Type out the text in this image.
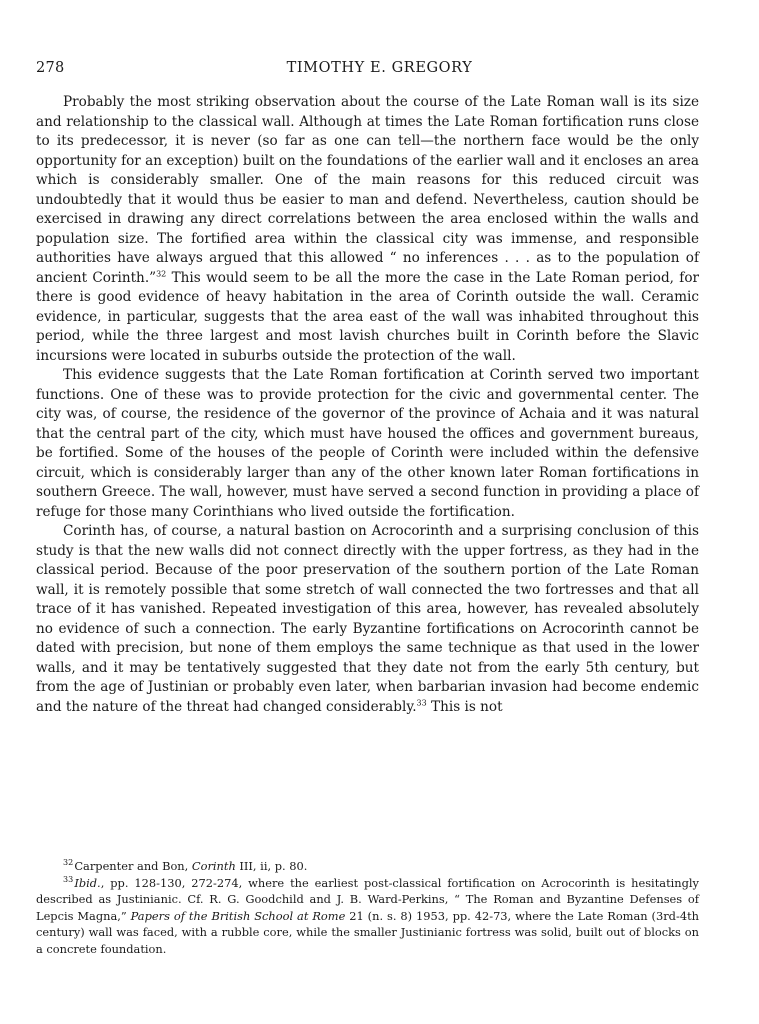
278	TIMOTHY E. GREGORY

Probably the most striking observation about the course of the Late Roman wall is its size and relationship to the classical wall. Although at times the Late Roman fortification runs close to its predecessor, it is never (so far as one can tell—the northern face would be the only opportunity for an exception) built on the foundations of the earlier wall and it encloses an area which is considerably smaller. One of the main reasons for this reduced circuit was undoubtedly that it would thus be easier to man and defend. Nevertheless, caution should be exercised in drawing any direct correlations between the area enclosed within the walls and population size. The fortified area within the classical city was immense, and responsible authorities have always argued that this allowed “ no inferences . . . as to the population of ancient Corinth.”$^{32}$ This would seem to be all the more the case in the Late Roman period, for there is good evidence of heavy habitation in the area of Corinth outside the wall. Ceramic evidence, in particular, suggests that the area east of the wall was inhabited throughout this period, while the three largest and most lavish churches built in Corinth before the Slavic incursions were located in suburbs outside the protection of the wall.

This evidence suggests that the Late Roman fortification at Corinth served two important functions. One of these was to provide protection for the civic and governmental center. The city was, of course, the residence of the governor of the province of Achaia and it was natural that the central part of the city, which must have housed the offices and government bureaus, be fortified. Some of the houses of the people of Corinth were included within the defensive circuit, which is considerably larger than any of the other known later Roman fortifications in southern Greece. The wall, however, must have served a second function in providing a place of refuge for those many Corinthians who lived outside the fortification.

Corinth has, of course, a natural bastion on Acrocorinth and a surprising conclusion of this study is that the new walls did not connect directly with the upper fortress, as they had in the classical period. Because of the poor preservation of the southern portion of the Late Roman wall, it is remotely possible that some stretch of wall connected the two fortresses and that all trace of it has vanished. Repeated investigation of this area, however, has revealed absolutely no evidence of such a connection. The early Byzantine fortifications on Acrocorinth cannot be dated with precision, but none of them employs the same technique as that used in the lower walls, and it may be tentatively suggested that they date not from the early 5th century, but from the age of Justinian or probably even later, when barbarian invasion had become endemic and the nature of the threat had changed considerably.$^{33}$ This is not

$^{32}$ Carpenter and Bon, Corinth III, ii, p. 80.

$^{33}$ Ibid., pp. 128-130, 272-274, where the earliest post-classical fortification on Acrocorinth is hesitatingly described as Justinianic. Cf. R. G. Goodchild and J. B. Ward-Perkins, “ The Roman and Byzantine Defenses of Lepcis Magna,” Papers of the British School at Rome 21 (n. s. 8) 1953, pp. 42-73, where the Late Roman (3rd-4th century) wall was faced, with a rubble core, while the smaller Justinianic fortress was solid, built out of blocks on a concrete foundation.
